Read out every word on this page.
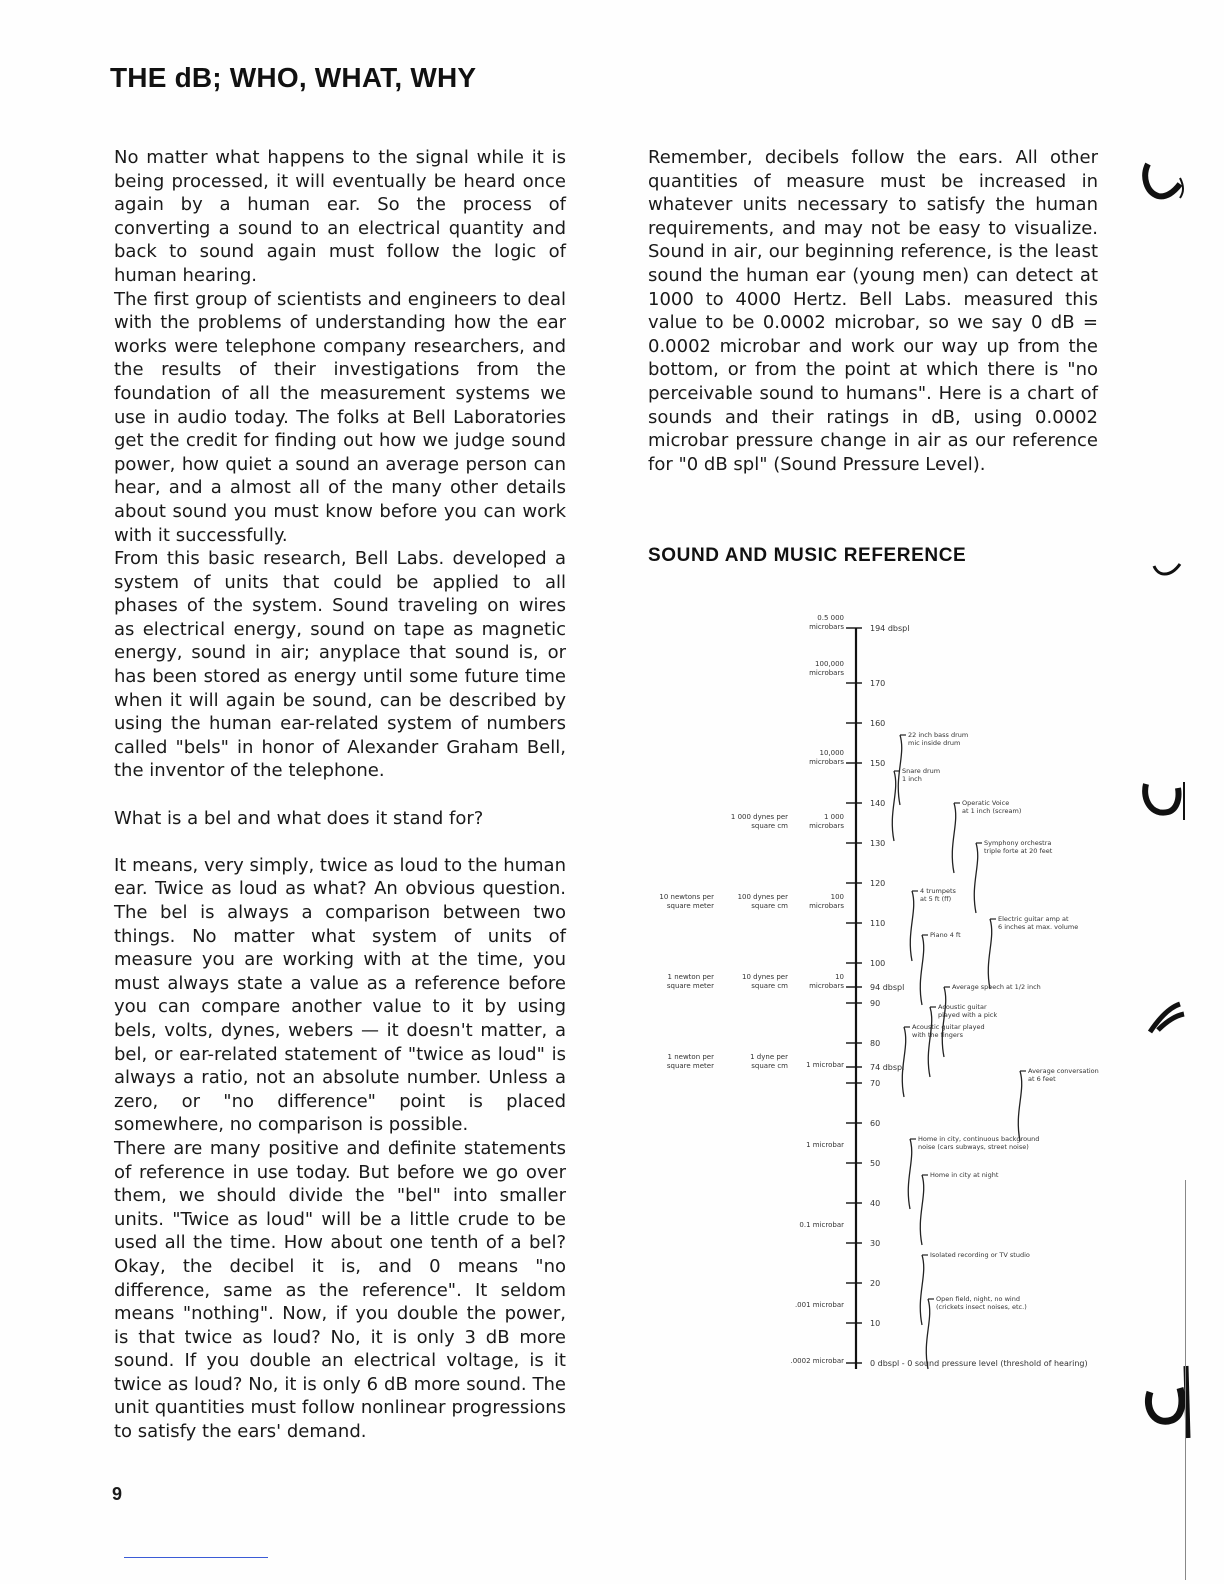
THE dB; WHO, WHAT, WHY

No matter what happens to the signal while it is being processed, it will eventually be heard once again by a human ear. So the process of converting a sound to an electrical quantity and back to sound again must follow the logic of human hearing.

The first group of scientists and engineers to deal with the problems of understanding how the ear works were telephone company researchers, and the results of their investigations from the foundation of all the measurement systems we use in audio today. The folks at Bell Laboratories get the credit for finding out how we judge sound power, how quiet a sound an average person can hear, and a almost all of the many other details about sound you must know before you can work with it successfully.

From this basic research, Bell Labs. developed a system of units that could be applied to all phases of the system. Sound traveling on wires as electrical energy, sound on tape as magnetic energy, sound in air; anyplace that sound is, or has been stored as energy until some future time when it will again be sound, can be described by using the human ear-related system of numbers called "bels" in honor of Alexander Graham Bell, the inventor of the telephone.

What is a bel and what does it stand for?

It means, very simply, twice as loud to the human ear. Twice as loud as what? An obvious question. The bel is always a comparison between two things. No matter what system of units of measure you are working with at the time, you must always state a value as a reference before you can compare another value to it by using bels, volts, dynes, webers — it doesn't matter, a bel, or ear-related statement of "twice as loud" is always a ratio, not an absolute number. Unless a zero, or "no difference" point is placed somewhere, no comparison is possible.

There are many positive and definite statements of reference in use today. But before we go over them, we should divide the "bel" into smaller units. "Twice as loud" will be a little crude to be used all the time. How about one tenth of a bel? Okay, the decibel it is, and 0 means "no difference, same as the reference". It seldom means "nothing". Now, if you double the power, is that twice as loud? No, it is only 3 dB more sound. If you double an electrical voltage, is it twice as loud? No, it is only 6 dB more sound. The unit quantities must follow nonlinear progressions to satisfy the ears' demand.

Remember, decibels follow the ears. All other quantities of measure must be increased in whatever units necessary to satisfy the human requirements, and may not be easy to visualize. Sound in air, our beginning reference, is the least sound the human ear (young men) can detect at 1000 to 4000 Hertz. Bell Labs. measured this value to be 0.0002 microbar, so we say 0 dB = 0.0002 microbar and work our way up from the bottom, or from the point at which there is "no perceivable sound to humans". Here is a chart of sounds and their ratings in dB, using 0.0002 microbar pressure change in air as our reference for "0 dB spl" (Sound Pressure Level).

SOUND AND MUSIC REFERENCE
194 dbspl
170
160
150
140
130
120
110
100
94 dbspl
90
80
74 dbspl
70
60
50
40
30
20
10
0 dbspl - 0 sound pressure level (threshold of hearing)
0.5 000
microbars
100,000
microbars
10,000
microbars
1 000
microbars
100
microbars
10
microbars
1 microbar
1 microbar
0.1 microbar
.001 microbar
.0002 microbar
1 000 dynes per
square cm
100 dynes per
square cm
10 dynes per
square cm
1 dyne per
square cm
10 newtons per
square meter
1 newton per
square meter
1 newton per
square meter
22 inch bass drum
mic inside drum
Snare drum
1 inch
Operatic Voice
at 1 inch (scream)
Symphony orchestra
triple forte at 20 feet
4 trumpets
at 5 ft (ff)
Electric guitar amp at
6 inches at max. volume
Piano 4 ft
Average speech at 1/2 inch
Acoustic guitar
played with a pick
Acoustic guitar played
with the fingers
Average conversation
at 6 feet
Home in city, continuous background
noise (cars subways, street noise)
Home in city at night
Isolated recording or TV studio
Open field, night, no wind
(crickets insect noises, etc.)
9
